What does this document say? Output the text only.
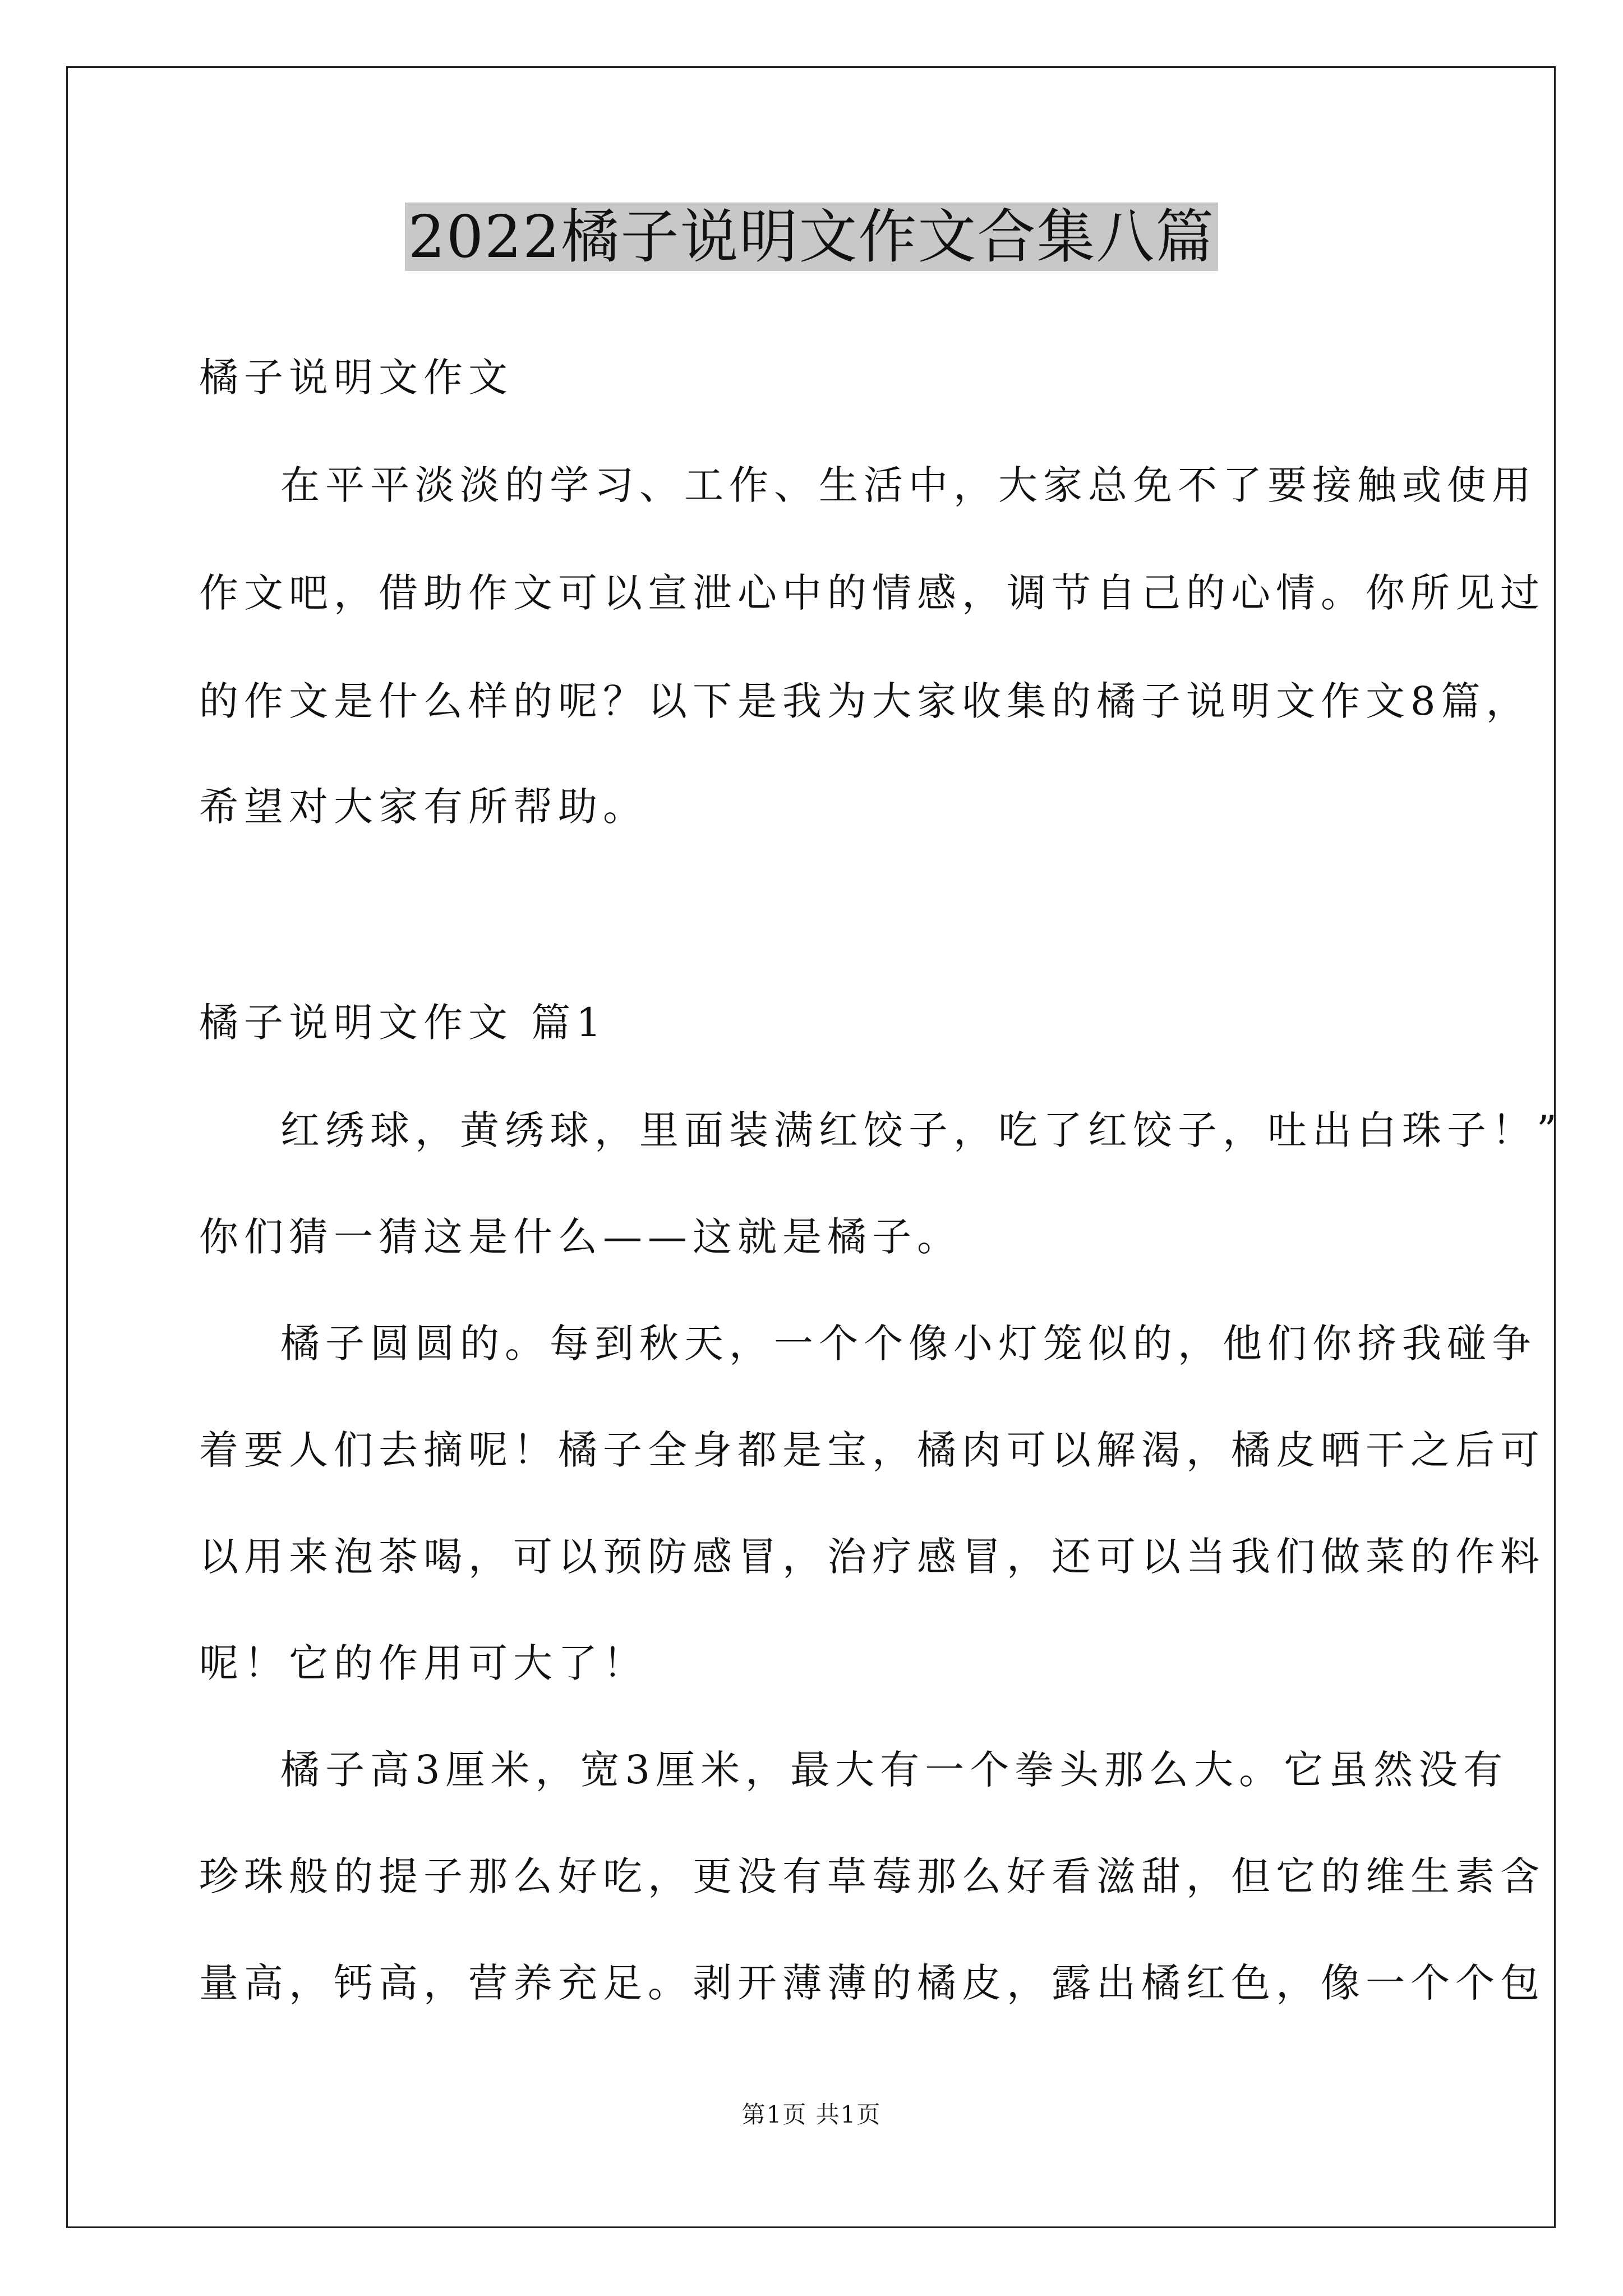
2022橘子说明文作文合集八篇
橘子说明文作文
在平平淡淡的学习、工作、生活中，大家总免不了要接触或使用
作文吧，借助作文可以宣泄心中的情感，调节自己的心情。你所见过
的作文是什么样的呢？以下是我为大家收集的橘子说明文作文8篇，
希望对大家有所帮助。
橘子说明文作文 篇1
红绣球，黄绣球，里面装满红饺子，吃了红饺子，吐出白珠子！”
你们猜一猜这是什么——这就是橘子。
橘子圆圆的。每到秋天，一个个像小灯笼似的，他们你挤我碰争
着要人们去摘呢！橘子全身都是宝，橘肉可以解渴，橘皮晒干之后可
以用来泡茶喝，可以预防感冒，治疗感冒，还可以当我们做菜的作料
呢！它的作用可大了！
橘子高3厘米，宽3厘米，最大有一个拳头那么大。它虽然没有
珍珠般的提子那么好吃，更没有草莓那么好看滋甜，但它的维生素含
量高，钙高，营养充足。剥开薄薄的橘皮，露出橘红色，像一个个包
第1页 共1页
